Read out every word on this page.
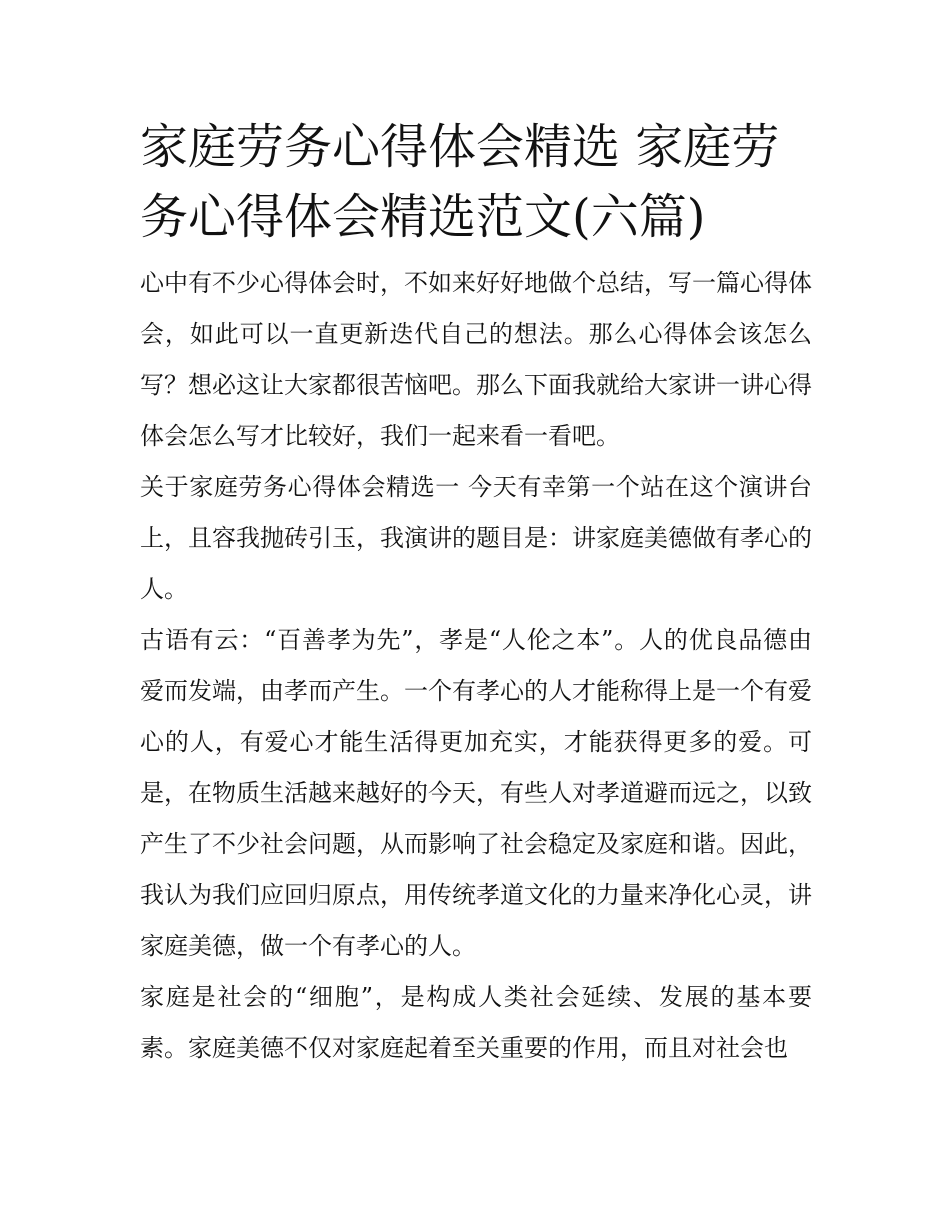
家庭劳务心得体会精选 家庭劳务心得体会精选范文(六篇)

心中有不少心得体会时，不如来好好地做个总结，写一篇心得体会，如此可以一直更新迭代自己的想法。那么心得体会该怎么写？想必这让大家都很苦恼吧。那么下面我就给大家讲一讲心得体会怎么写才比较好，我们一起来看一看吧。

关于家庭劳务心得体会精选一 今天有幸第一个站在这个演讲台上，且容我抛砖引玉，我演讲的题目是：讲家庭美德做有孝心的人。

古语有云：“百善孝为先”，孝是“人伦之本”。人的优良品德由爱而发端，由孝而产生。一个有孝心的人才能称得上是一个有爱心的人，有爱心才能生活得更加充实，才能获得更多的爱。可是，在物质生活越来越好的今天，有些人对孝道避而远之，以致产生了不少社会问题，从而影响了社会稳定及家庭和谐。因此，我认为我们应回归原点，用传统孝道文化的力量来净化心灵，讲家庭美德，做一个有孝心的人。

家庭是社会的“细胞”，是构成人类社会延续、发展的基本要素。家庭美德不仅对家庭起着至关重要的作用，而且对社会也
